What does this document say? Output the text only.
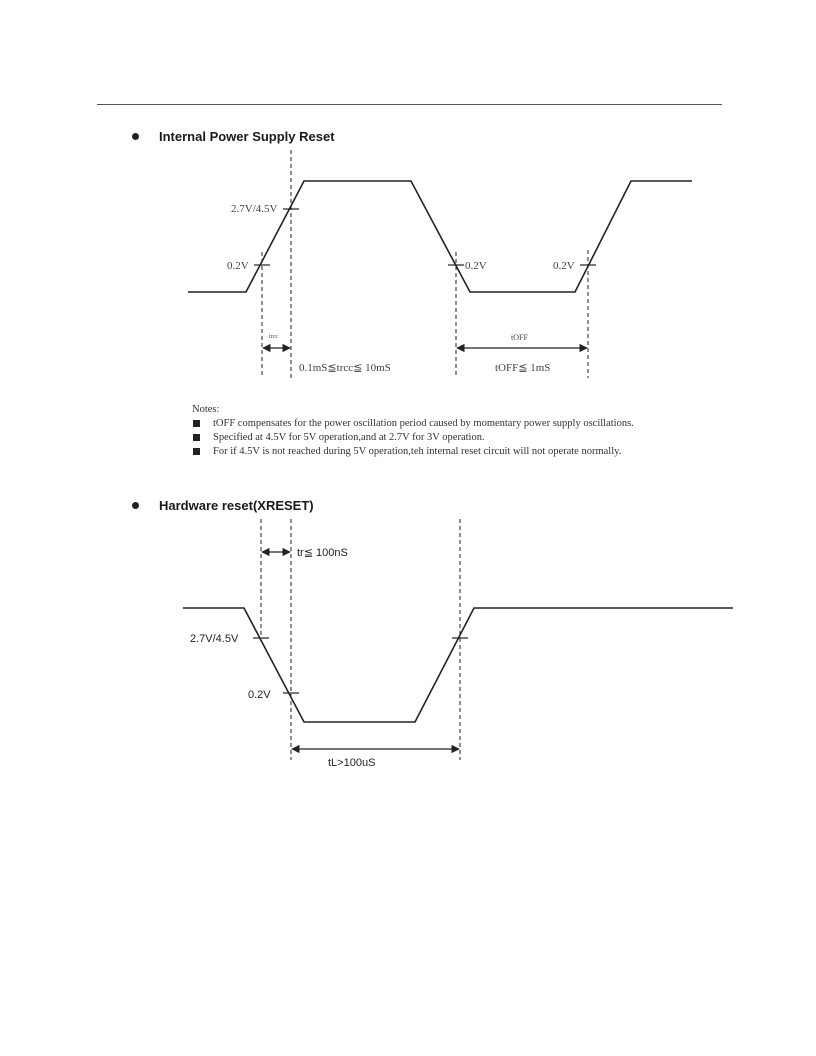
Internal Power Supply Reset
2.7V/4.5V
0.2V	0.2V	0.2V
trcc
0.1mS≦trcc≦ 10mS
tOFF
tOFF≦ 1mS
tr≦ 100nS
2.7V/4.5V
0.2V
tL>100uS
Notes:
tOFF compensates for the power oscillation period caused by momentary power supply oscillations.
Specified at 4.5V for 5V operation,and at 2.7V for 3V operation.
For if 4.5V is not reached during 5V operation,teh internal reset circuit will not operate normally.
Hardware reset(XRESET)
